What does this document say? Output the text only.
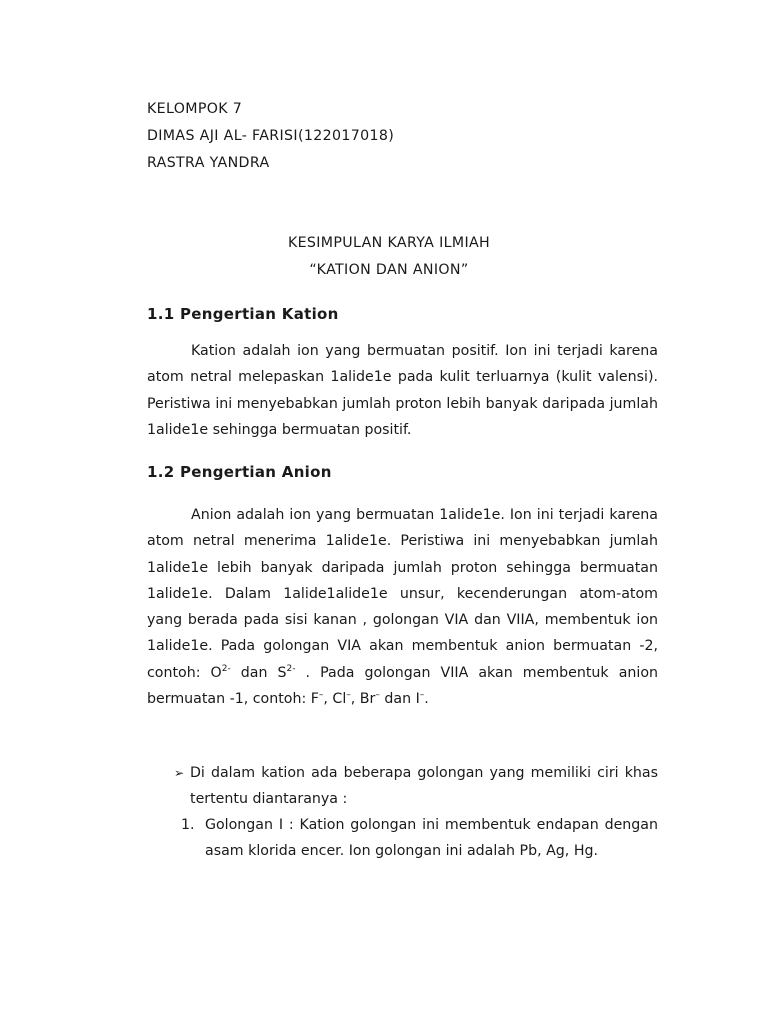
KELOMPOK 7
DIMAS AJI AL- FARISI(122017018)
RASTRA YANDRA
KESIMPULAN KARYA ILMIAH
“KATION DAN ANION”
1.1 Pengertian Kation
Kation adalah ion yang bermuatan positif. Ion ini terjadi karena atom netral melepaskan 1alide1e pada kulit terluarnya (kulit valensi). Peristiwa ini menyebabkan jumlah proton lebih banyak daripada jumlah 1alide1e sehingga bermuatan positif.
1.2 Pengertian Anion
Anion adalah ion yang bermuatan 1alide1e. Ion ini terjadi karena atom netral menerima 1alide1e. Peristiwa ini menyebabkan jumlah 1alide1e lebih banyak daripada jumlah proton sehingga bermuatan 1alide1e. Dalam 1alide1alide1e unsur, kecenderungan atom-atom yang berada pada sisi kanan , golongan VIA dan VIIA, membentuk ion 1alide1e. Pada golongan VIA akan membentuk anion bermuatan -2, contoh: $O^{2-}$ dan $S^{2-}$ . Pada golongan VIIA akan membentuk anion bermuatan -1, contoh: F–, Cl–, Br– dan I–.
➢ Di dalam kation ada beberapa golongan yang memiliki ciri khas tertentu diantaranya :
1. Golongan I : Kation golongan ini membentuk endapan dengan asam klorida encer. Ion golongan ini adalah Pb, Ag, Hg.
